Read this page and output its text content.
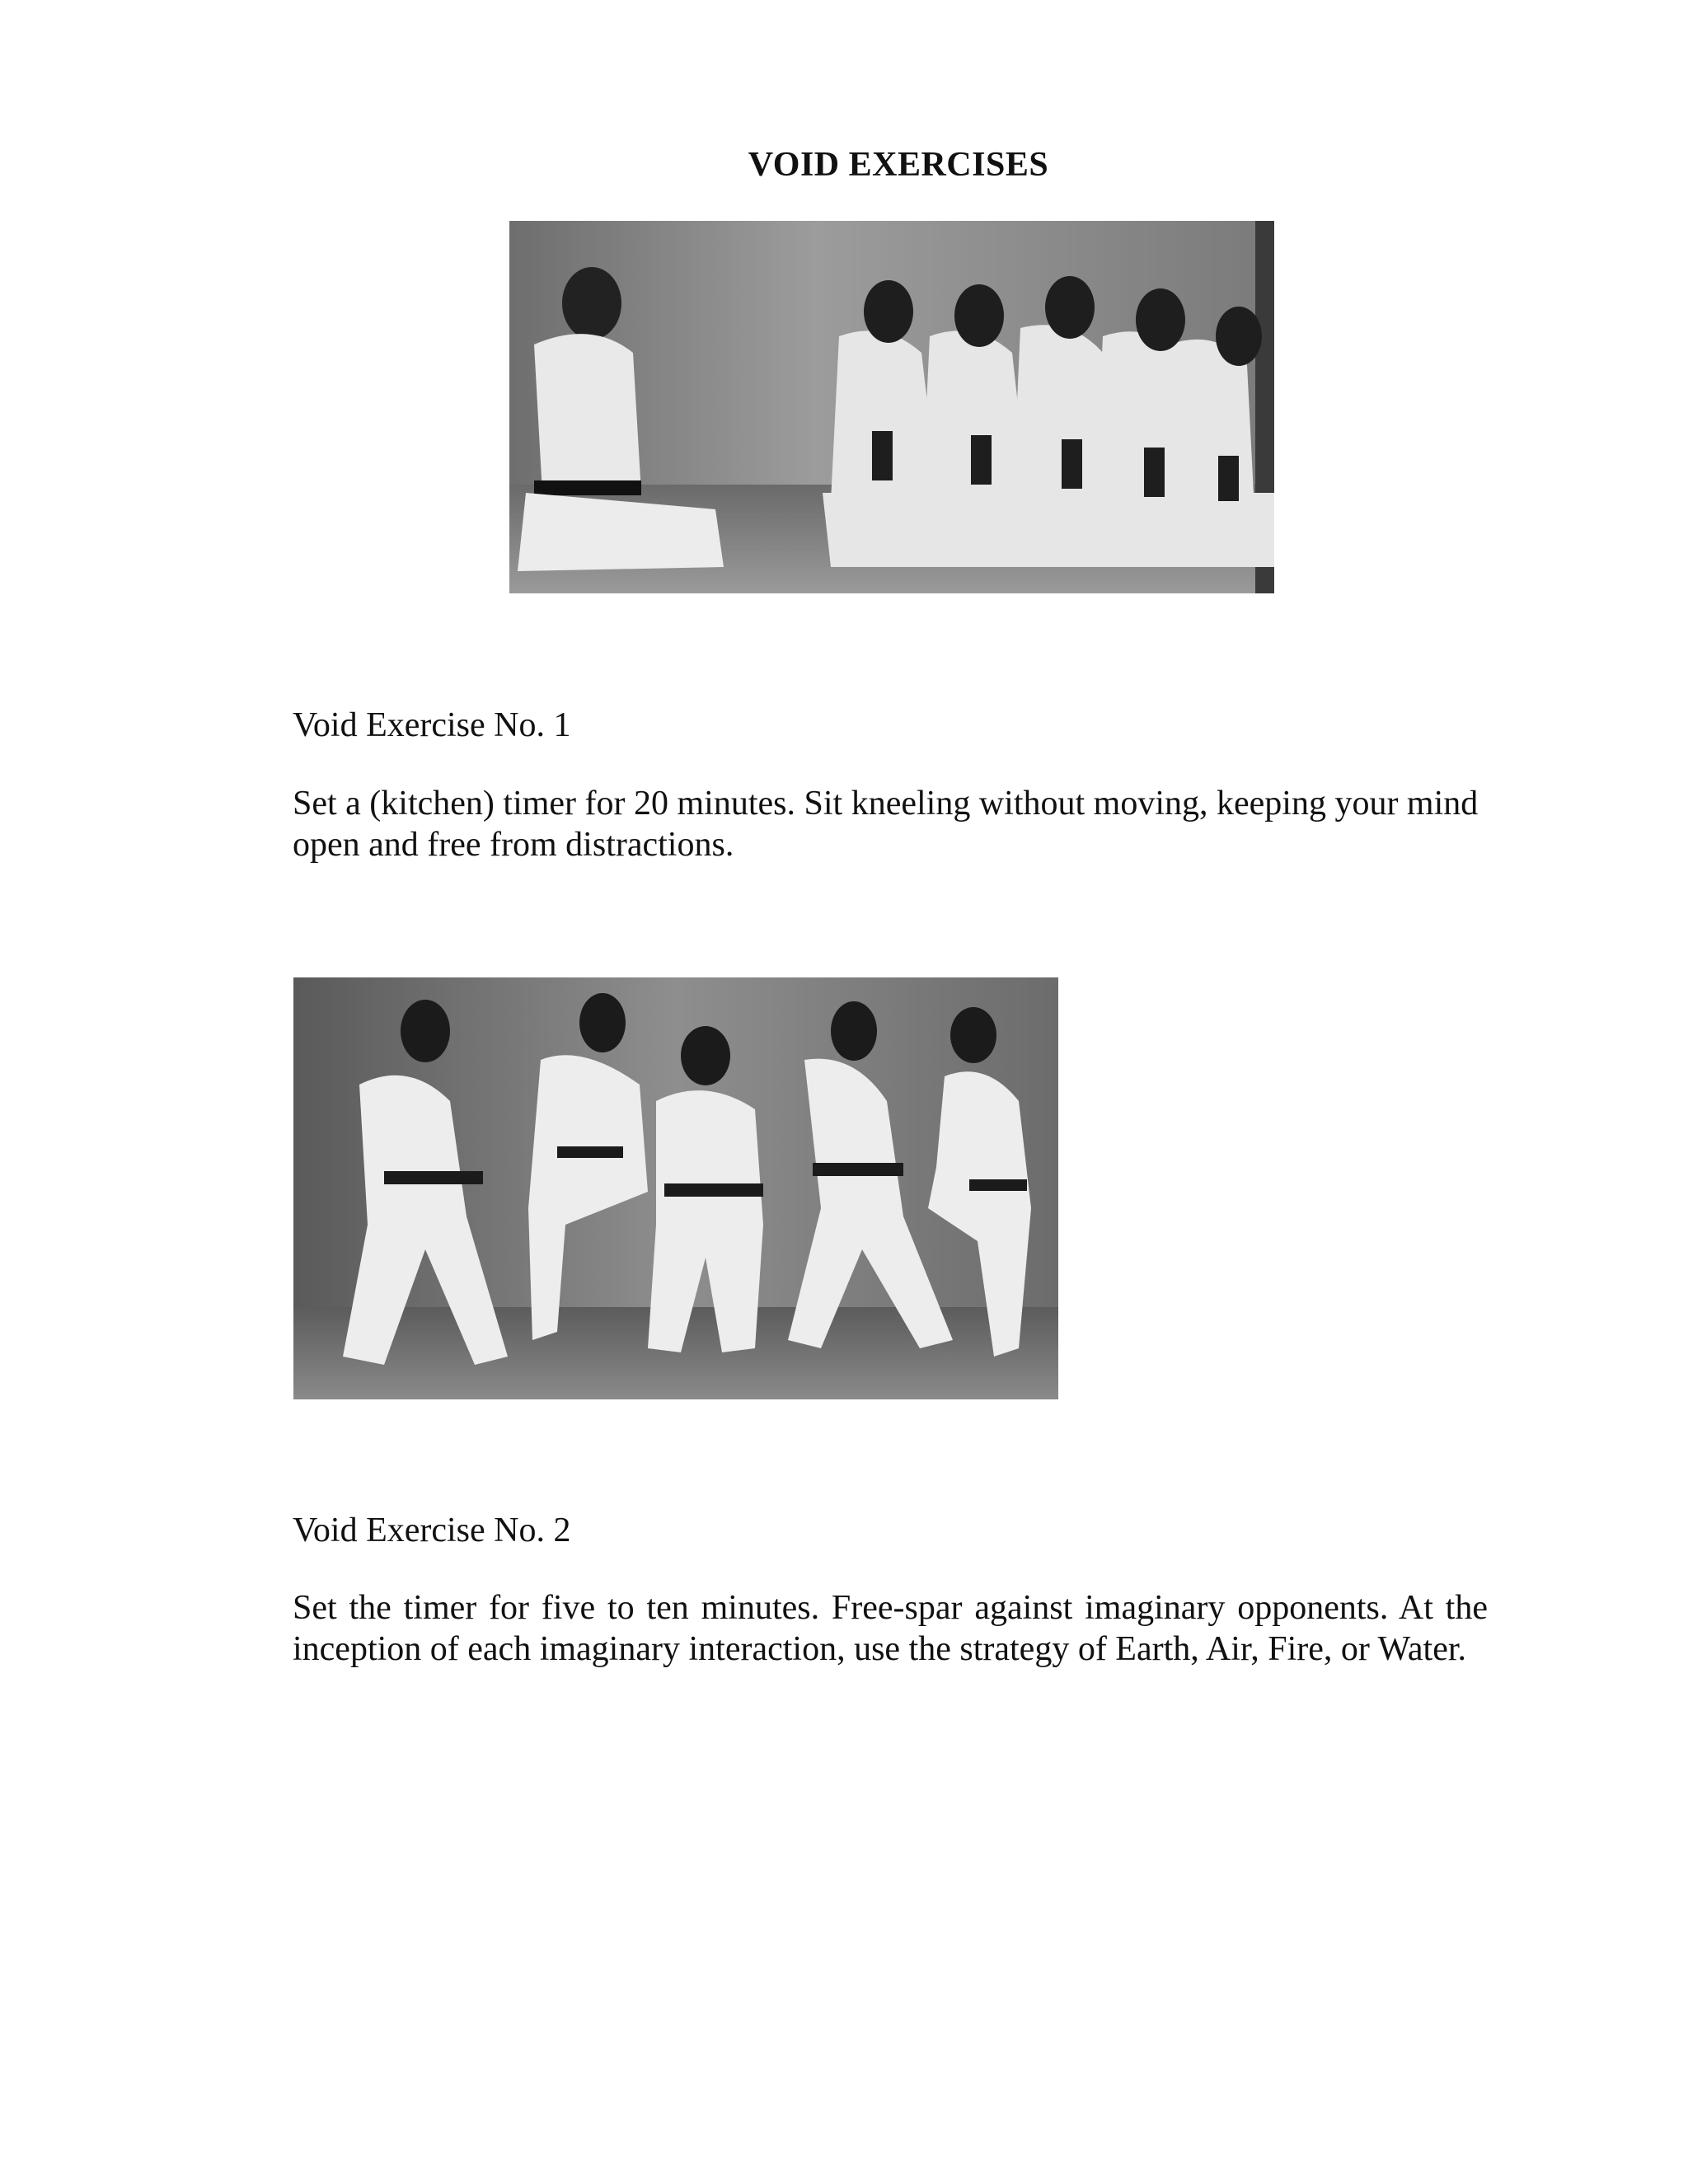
VOID EXERCISES
Void Exercise No. 1
Set a (kitchen) timer for 20 minutes. Sit kneeling without moving, keeping your mind open and free from distractions.
Void Exercise No. 2
Set the timer for five to ten minutes. Free-spar against imaginary opponents. At the inception of each imaginary interaction, use the strategy of Earth, Air, Fire, or Water.
